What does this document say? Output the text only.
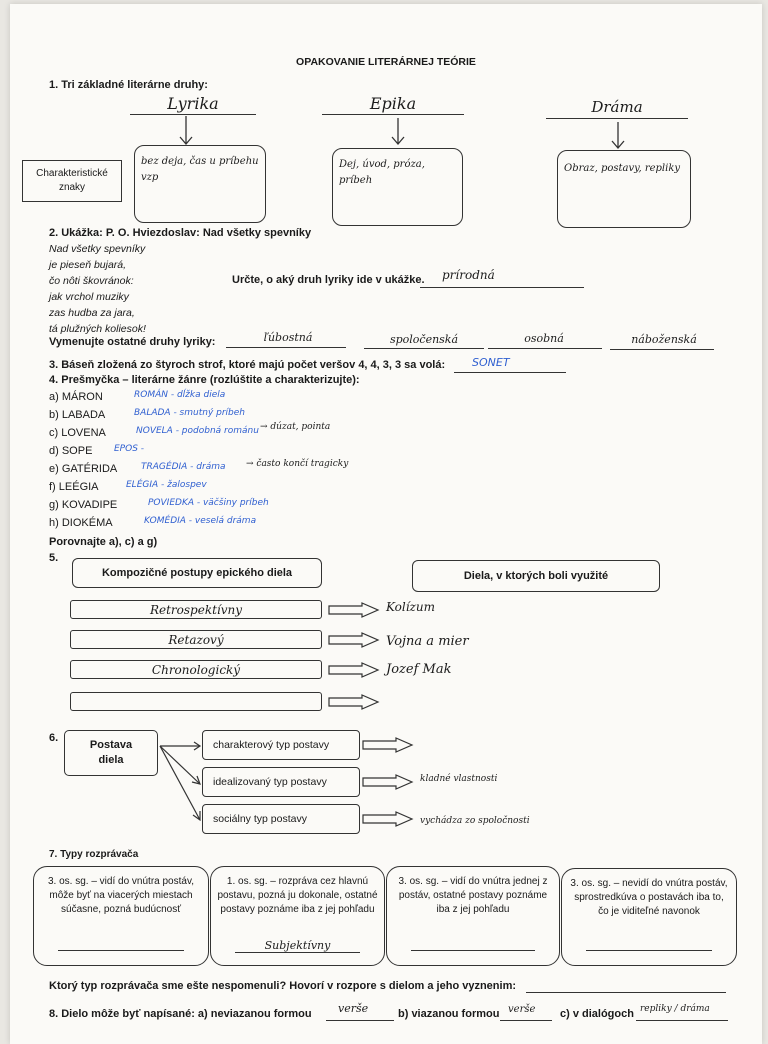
OPAKOVANIE LITERÁRNEJ TEÓRIE
1. Tri základné literárne druhy:
Lyrika	Epika	Dráma
Charakteristické znaky
bez deja, čas u príbehu vzp
Dej, úvod, próza, príbeh
Obraz, postavy, repliky
2. Ukážka: P. O. Hviezdoslav: Nad všetky spevníky
Nad všetky spevníky
je pieseň bujará,
čo nôti škovránok:
jak vrchol muziky
zas hudba za jara,
tá plužných koliesok!
Určte, o aký druh lyriky ide v ukážke. prírodná
Vymenujte ostatné druhy lyriky:	ľúbostná	spoločenská	osobná	náboženská
3. Báseň zložená zo štyroch strof, ktoré majú počet veršov 4, 4, 3, 3 sa volá: SONET
4. Prešmyčka – literárne žánre (rozlúštite a charakterizujte):
a) MÁRON	ROMÁN - dĺžka diela
b) LABADA	BALADA - smutný príbeh
c) LOVENA	NOVELA - podobná románu → dúzat, pointa
d) SOPE EPOS -
e) GATÉRIDA	TRAGÉDIA - dráma → často končí tragicky
f) LEÉGIA	ELÉGIA - žalospev
g) KOVADIPE	POVIEDKA - väčšiny príbeh
h) DIOKÉMA	KOMÉDIA - veselá dráma
Porovnajte a), c) a g)
5.
Kompozičné postupy epického diela	Diela, v ktorých boli využité
Retrospektívny	Kolízum
Retazový	Vojna a mier
Chronologický	Jozef Mak
6.
Postava diela
charakterový typ postavy
idealizovaný typ postavy	kladné vlastnosti
sociálny typ postavy	vychádza zo spoločnosti
7. Typy rozprávača
3. os. sg. – vidí do vnútra postáv, môže byť na viacerých miestach súčasne, pozná budúcnosť
1. os. sg. – rozpráva cez hlavnú postavu, pozná ju dokonale, ostatné postavy poznáme iba z jej pohľadu
Subjektívny
3. os. sg. – vidí do vnútra jednej z postáv, ostatné postavy poznáme iba z jej pohľadu
3. os. sg. – nevidí do vnútra postáv, sprostredkúva o postavách iba to, čo je viditeľné navonok
Ktorý typ rozprávača sme ešte nespomenuli? Hovorí v rozpore s dielom a jeho vyznenim:
8. Dielo môže byť napísané: a) neviazanou formou verše	b) viazanou formou verše c) v dialógoch repliky / dráma
